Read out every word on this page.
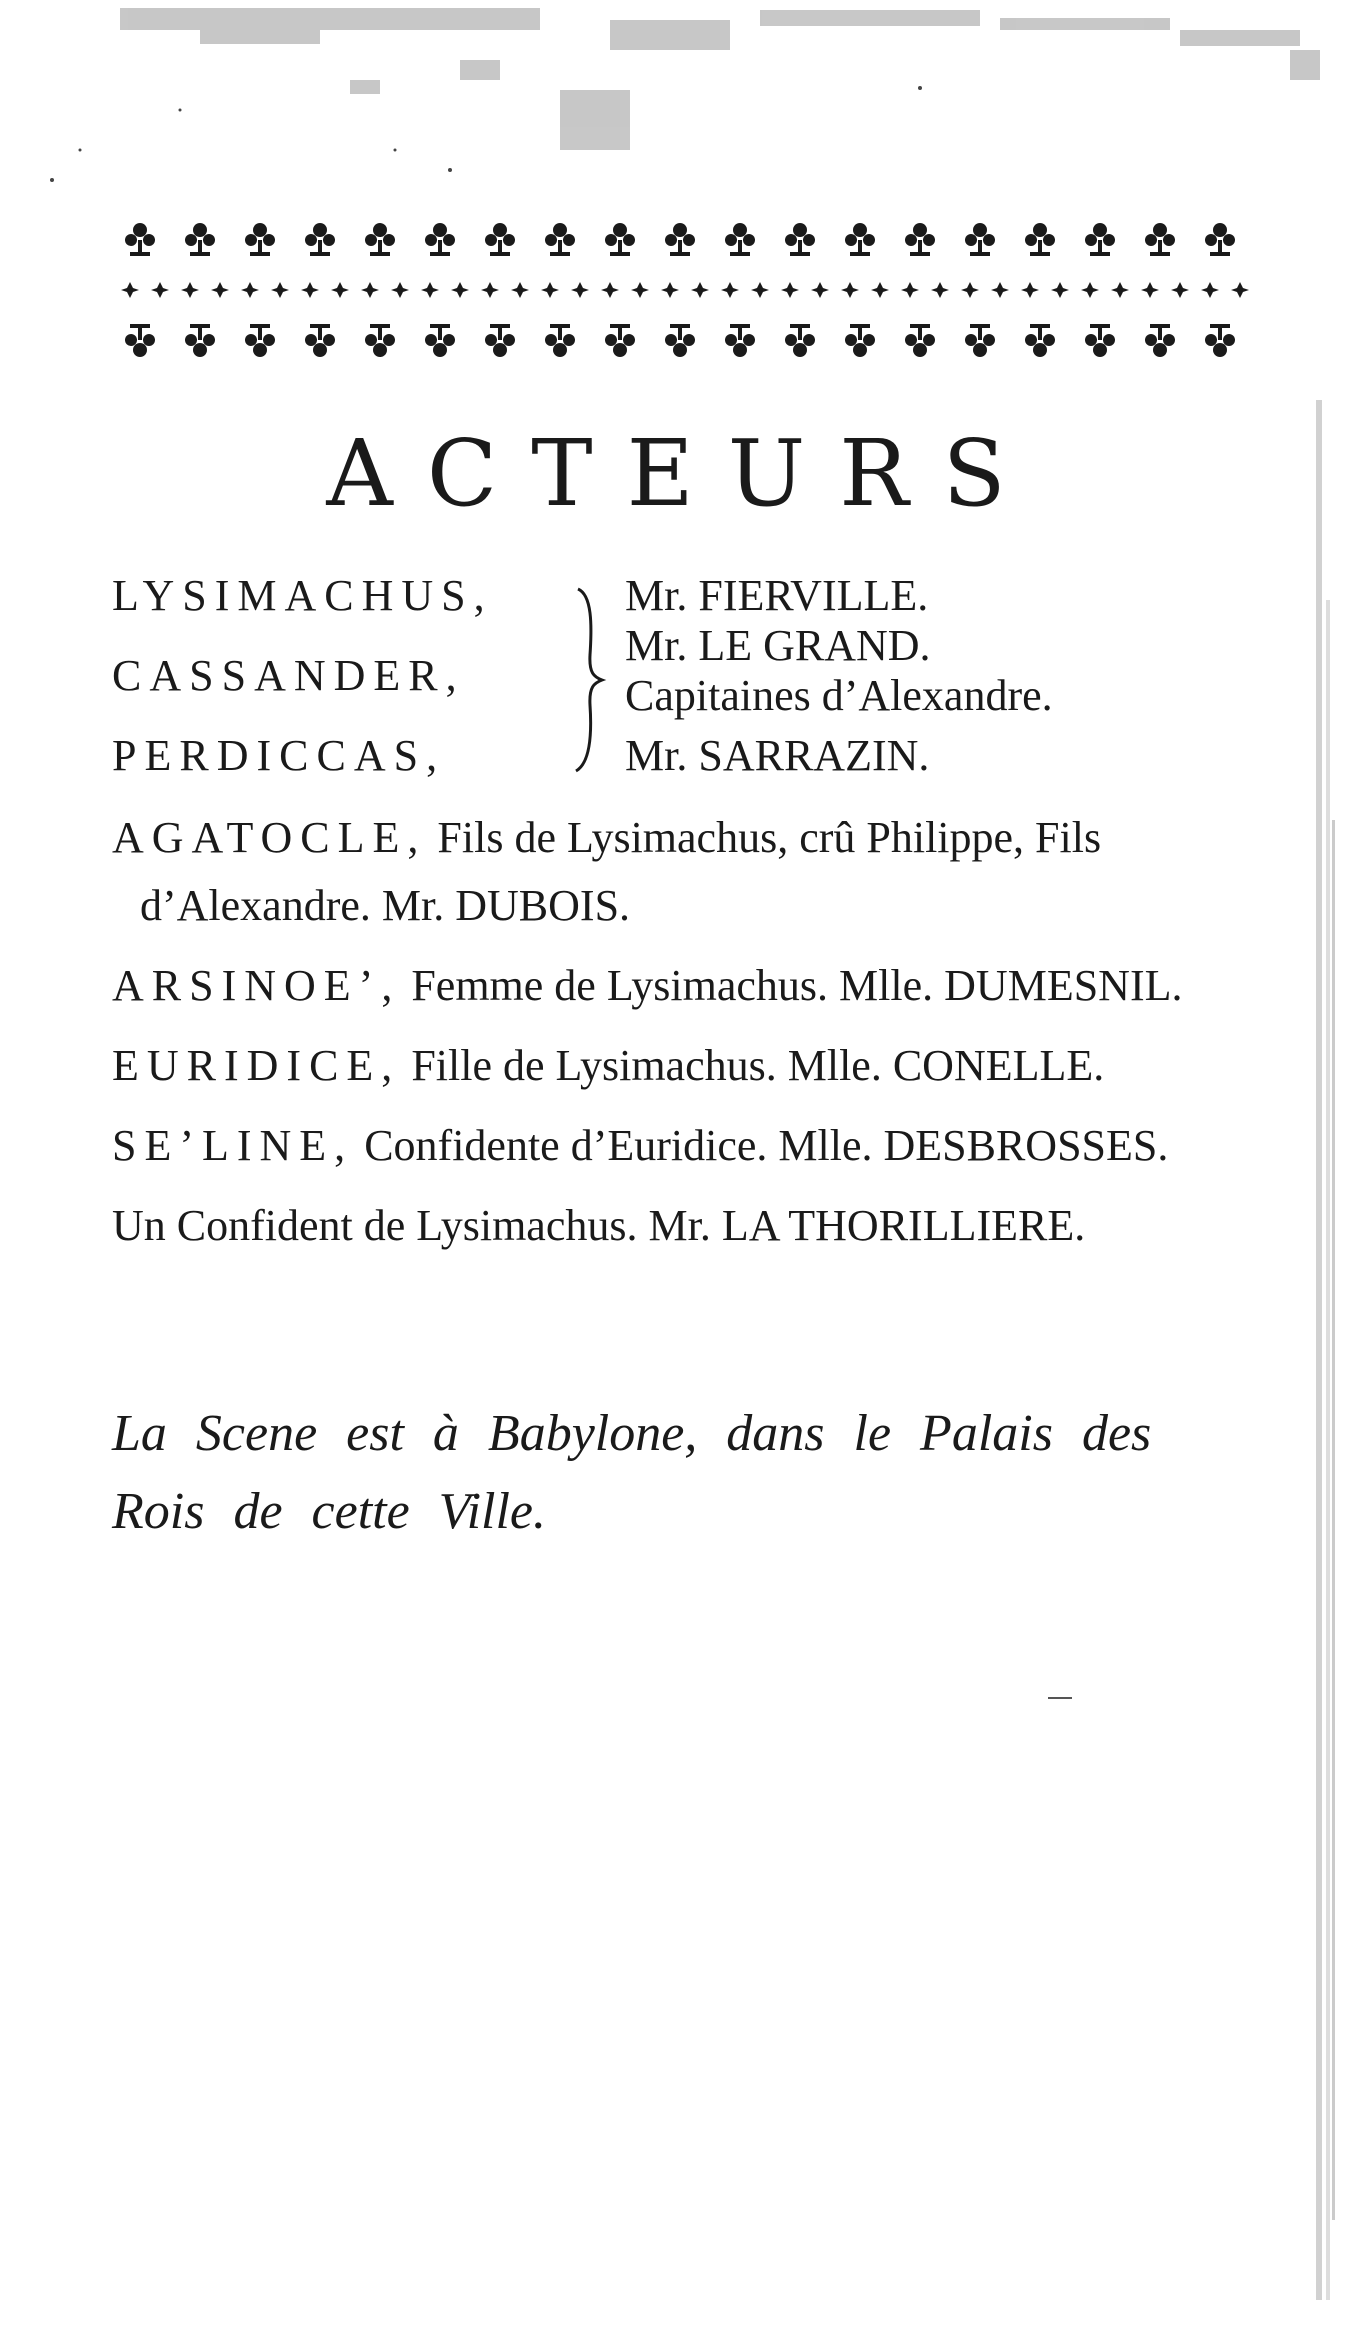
ACTEURS
LYSIMACHUS,
CASSANDER,
PERDICCAS,
Mr. FIERVILLE.
Mr. LE GRAND.
Capitaines d’Alexandre.
Mr. SARRAZIN.
AGATOCLE, Fils de Lysimachus, crû Philippe, Fils
d’Alexandre. Mr. DUBOIS.
ARSINOE’, Femme de Lysimachus. Mlle. DUMESNIL.
EURIDICE, Fille de Lysimachus. Mlle. CONELLE.
SE’LINE, Confidente d’Euridice. Mlle. DESBROSSES.
Un Confident de Lysimachus. Mr. LA THORILLIERE.
La Scene est à Babylone, dans le Palais des
Rois de cette Ville.
